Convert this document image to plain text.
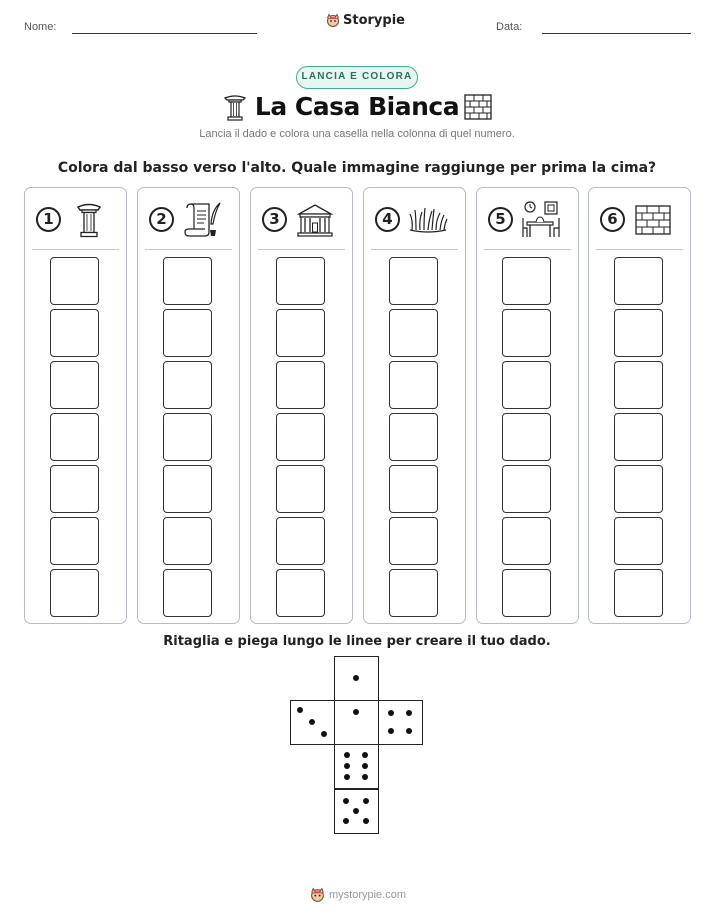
Nome:	Storypie	Data:
LANCIA E COLORA
La Casa Bianca
Lancia il dado e colora una casella nella colonna di quel numero.
Colora dal basso verso l'alto. Quale immagine raggiunge per prima la cima?
1	2	3	4	5	6
Ritaglia e piega lungo le linee per creare il tuo dado.
mystorypie.com
